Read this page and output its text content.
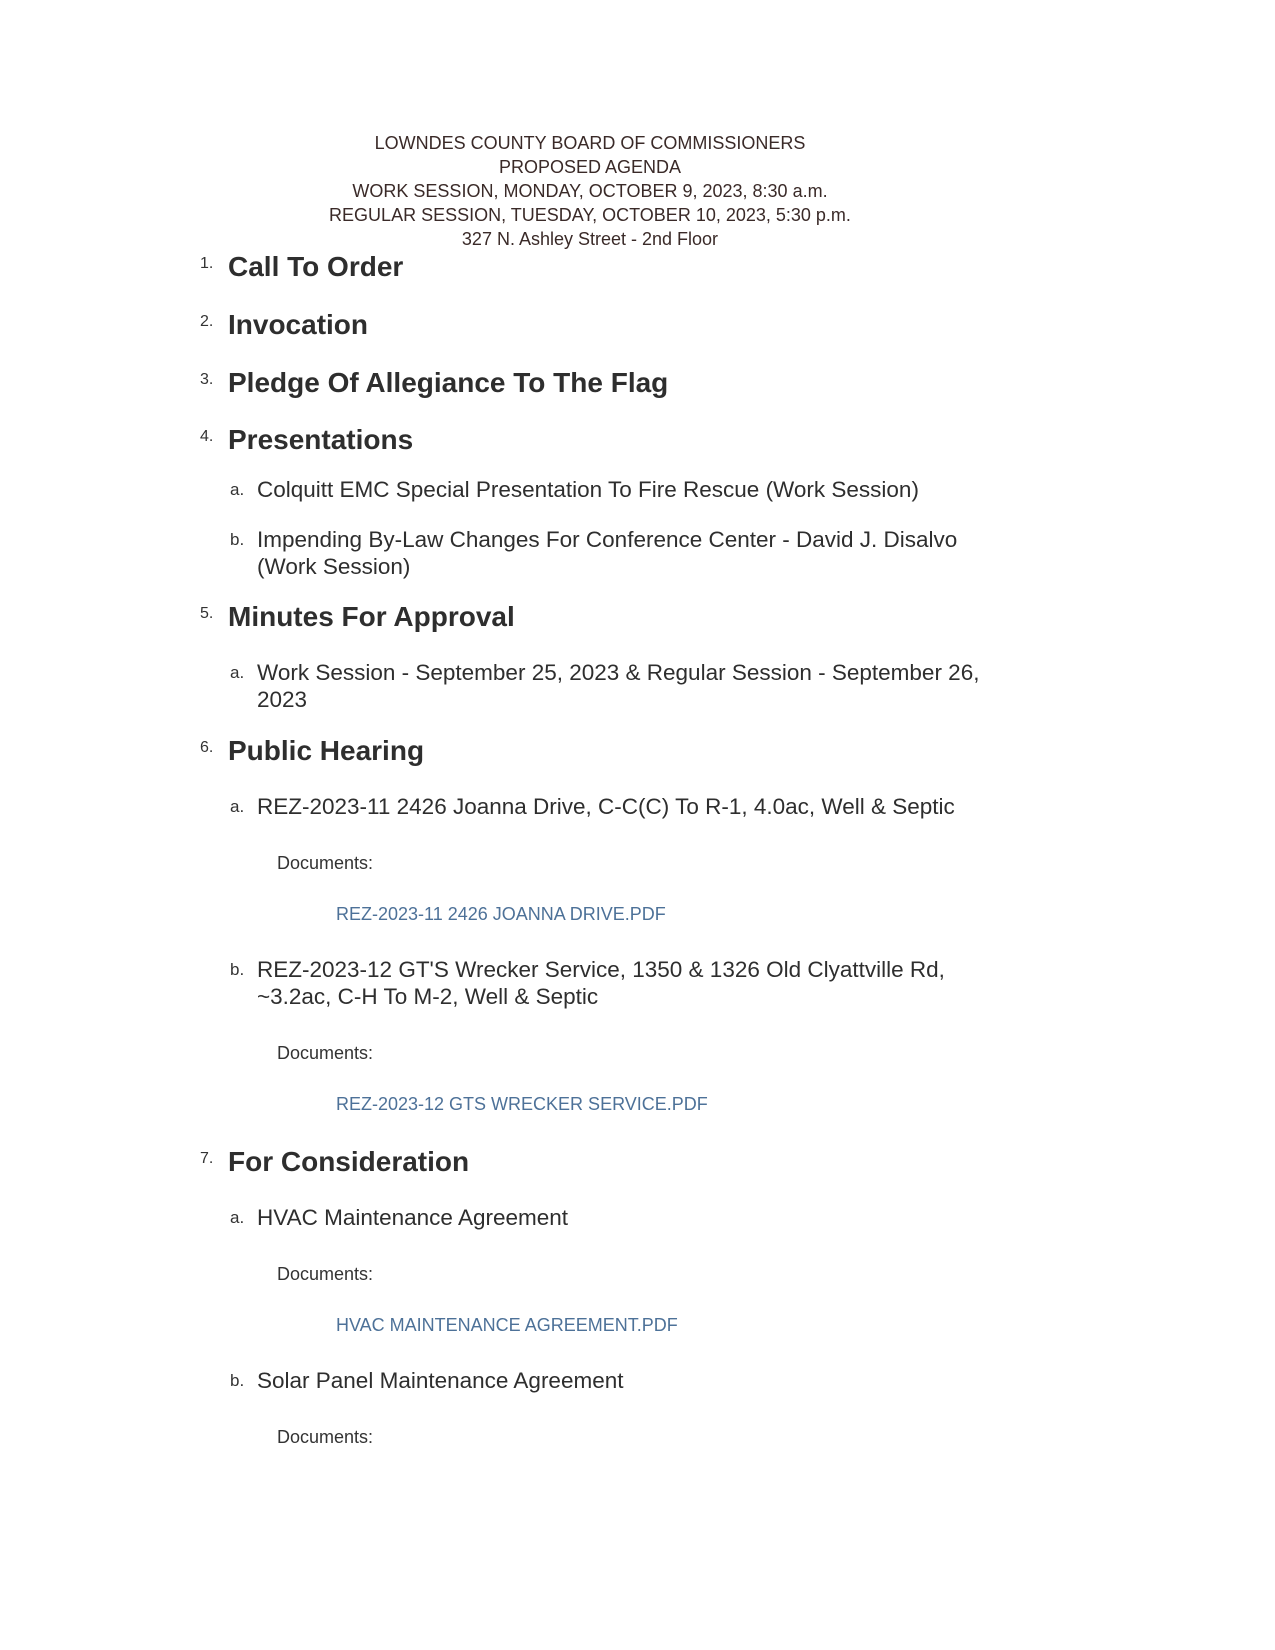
LOWNDES COUNTY BOARD OF COMMISSIONERS
PROPOSED AGENDA
WORK SESSION, MONDAY, OCTOBER 9, 2023, 8:30 a.m.
REGULAR SESSION, TUESDAY, OCTOBER 10, 2023, 5:30 p.m.
327 N. Ashley Street - 2nd Floor
1. Call To Order
2. Invocation
3. Pledge Of Allegiance To The Flag
4. Presentations
a. Colquitt EMC Special Presentation To Fire Rescue (Work Session)
b. Impending By-Law Changes For Conference Center - David J. Disalvo (Work Session)
5. Minutes For Approval
a. Work Session - September 25, 2023 & Regular Session - September 26, 2023
6. Public Hearing
a. REZ-2023-11 2426 Joanna Drive, C-C(C) To R-1, 4.0ac, Well & Septic
Documents:
REZ-2023-11 2426 JOANNA DRIVE.PDF
b. REZ-2023-12 GT'S Wrecker Service, 1350 & 1326 Old Clyattville Rd, ~3.2ac, C-H To M-2, Well & Septic
Documents:
REZ-2023-12 GTS WRECKER SERVICE.PDF
7. For Consideration
a. HVAC Maintenance Agreement
Documents:
HVAC MAINTENANCE AGREEMENT.PDF
b. Solar Panel Maintenance Agreement
Documents:
